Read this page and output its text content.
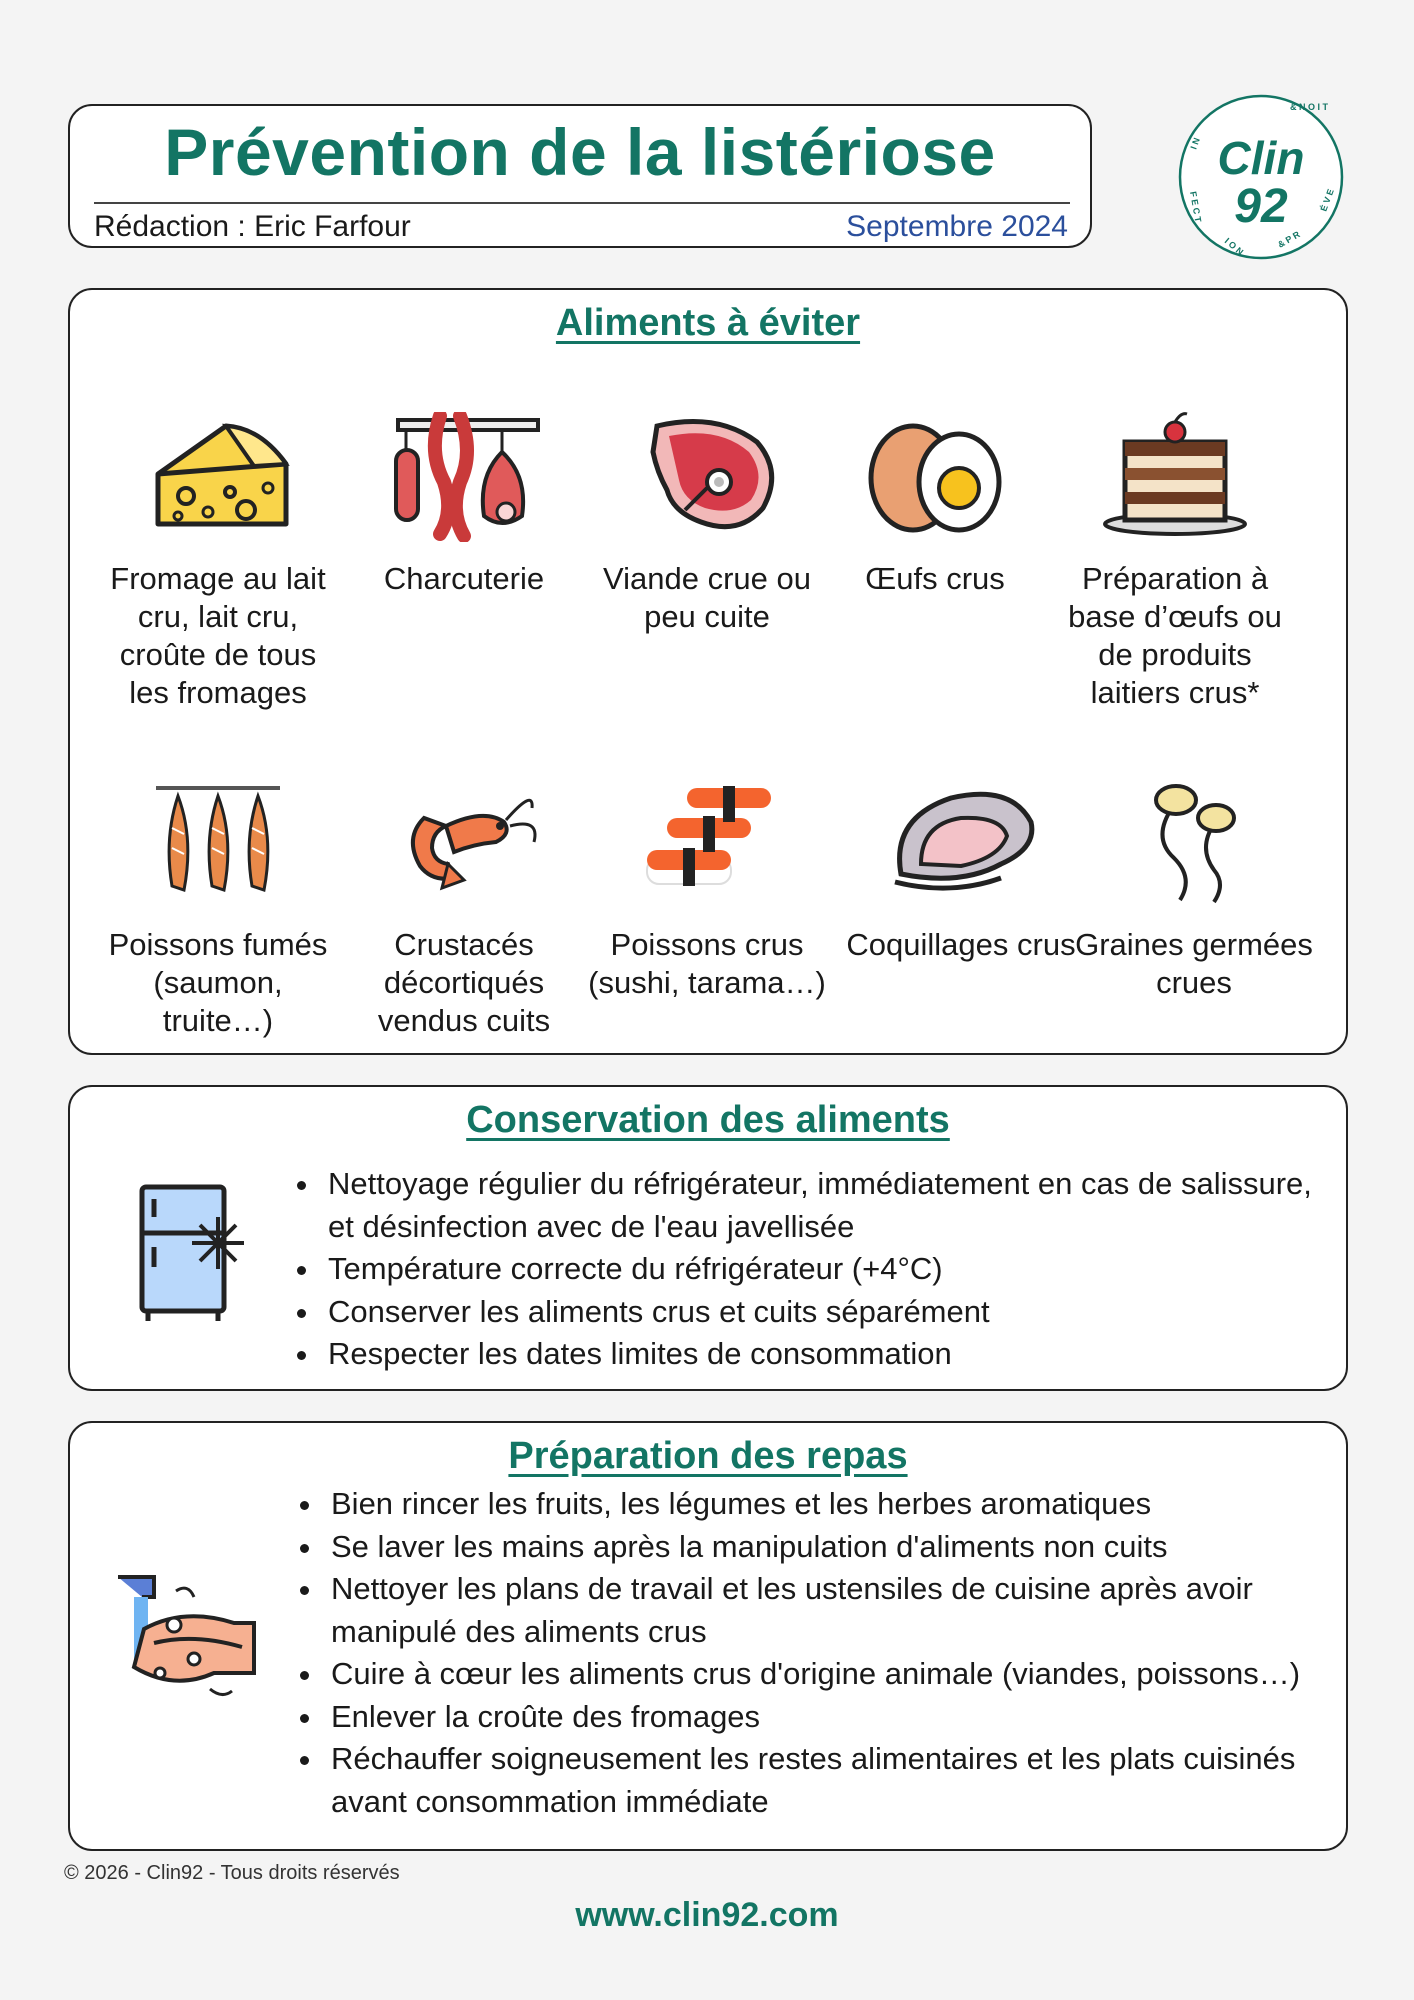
Prévention de la listériose
Rédaction : Eric Farfour	Septembre 2024
Clin
92
& N O I T
I N
F E C T
I O N	& P R
É V E
Aliments à éviter
Fromage au lait cru, lait cru, croûte de tous les fromages
Charcuterie	Viande crue ou peu cuite
Œufs crus	Préparation à base d’œufs ou de produits laitiers crus*
Poissons fumés (saumon, truite…)
Crustacés décortiqués vendus cuits
Poissons crus (sushi, tarama…)
Coquillages crus Graines germées crues
Conservation des aliments
• Nettoyage régulier du réfrigérateur, immédiatement en cas de salissure, et désinfection avec de l'eau javellisée
• Température correcte du réfrigérateur (+4°C)
• Conserver les aliments crus et cuits séparément
• Respecter les dates limites de consommation
Préparation des repas
• Bien rincer les fruits, les légumes et les herbes aromatiques
• Se laver les mains après la manipulation d'aliments non cuits
• Nettoyer les plans de travail et les ustensiles de cuisine après avoir manipulé des aliments crus
• Cuire à cœur les aliments crus d'origine animale (viandes, poissons…)
• Enlever la croûte des fromages
• Réchauffer soigneusement les restes alimentaires et les plats cuisinés avant consommation immédiate
© 2026 - Clin92 - Tous droits réservés
www.clin92.com
